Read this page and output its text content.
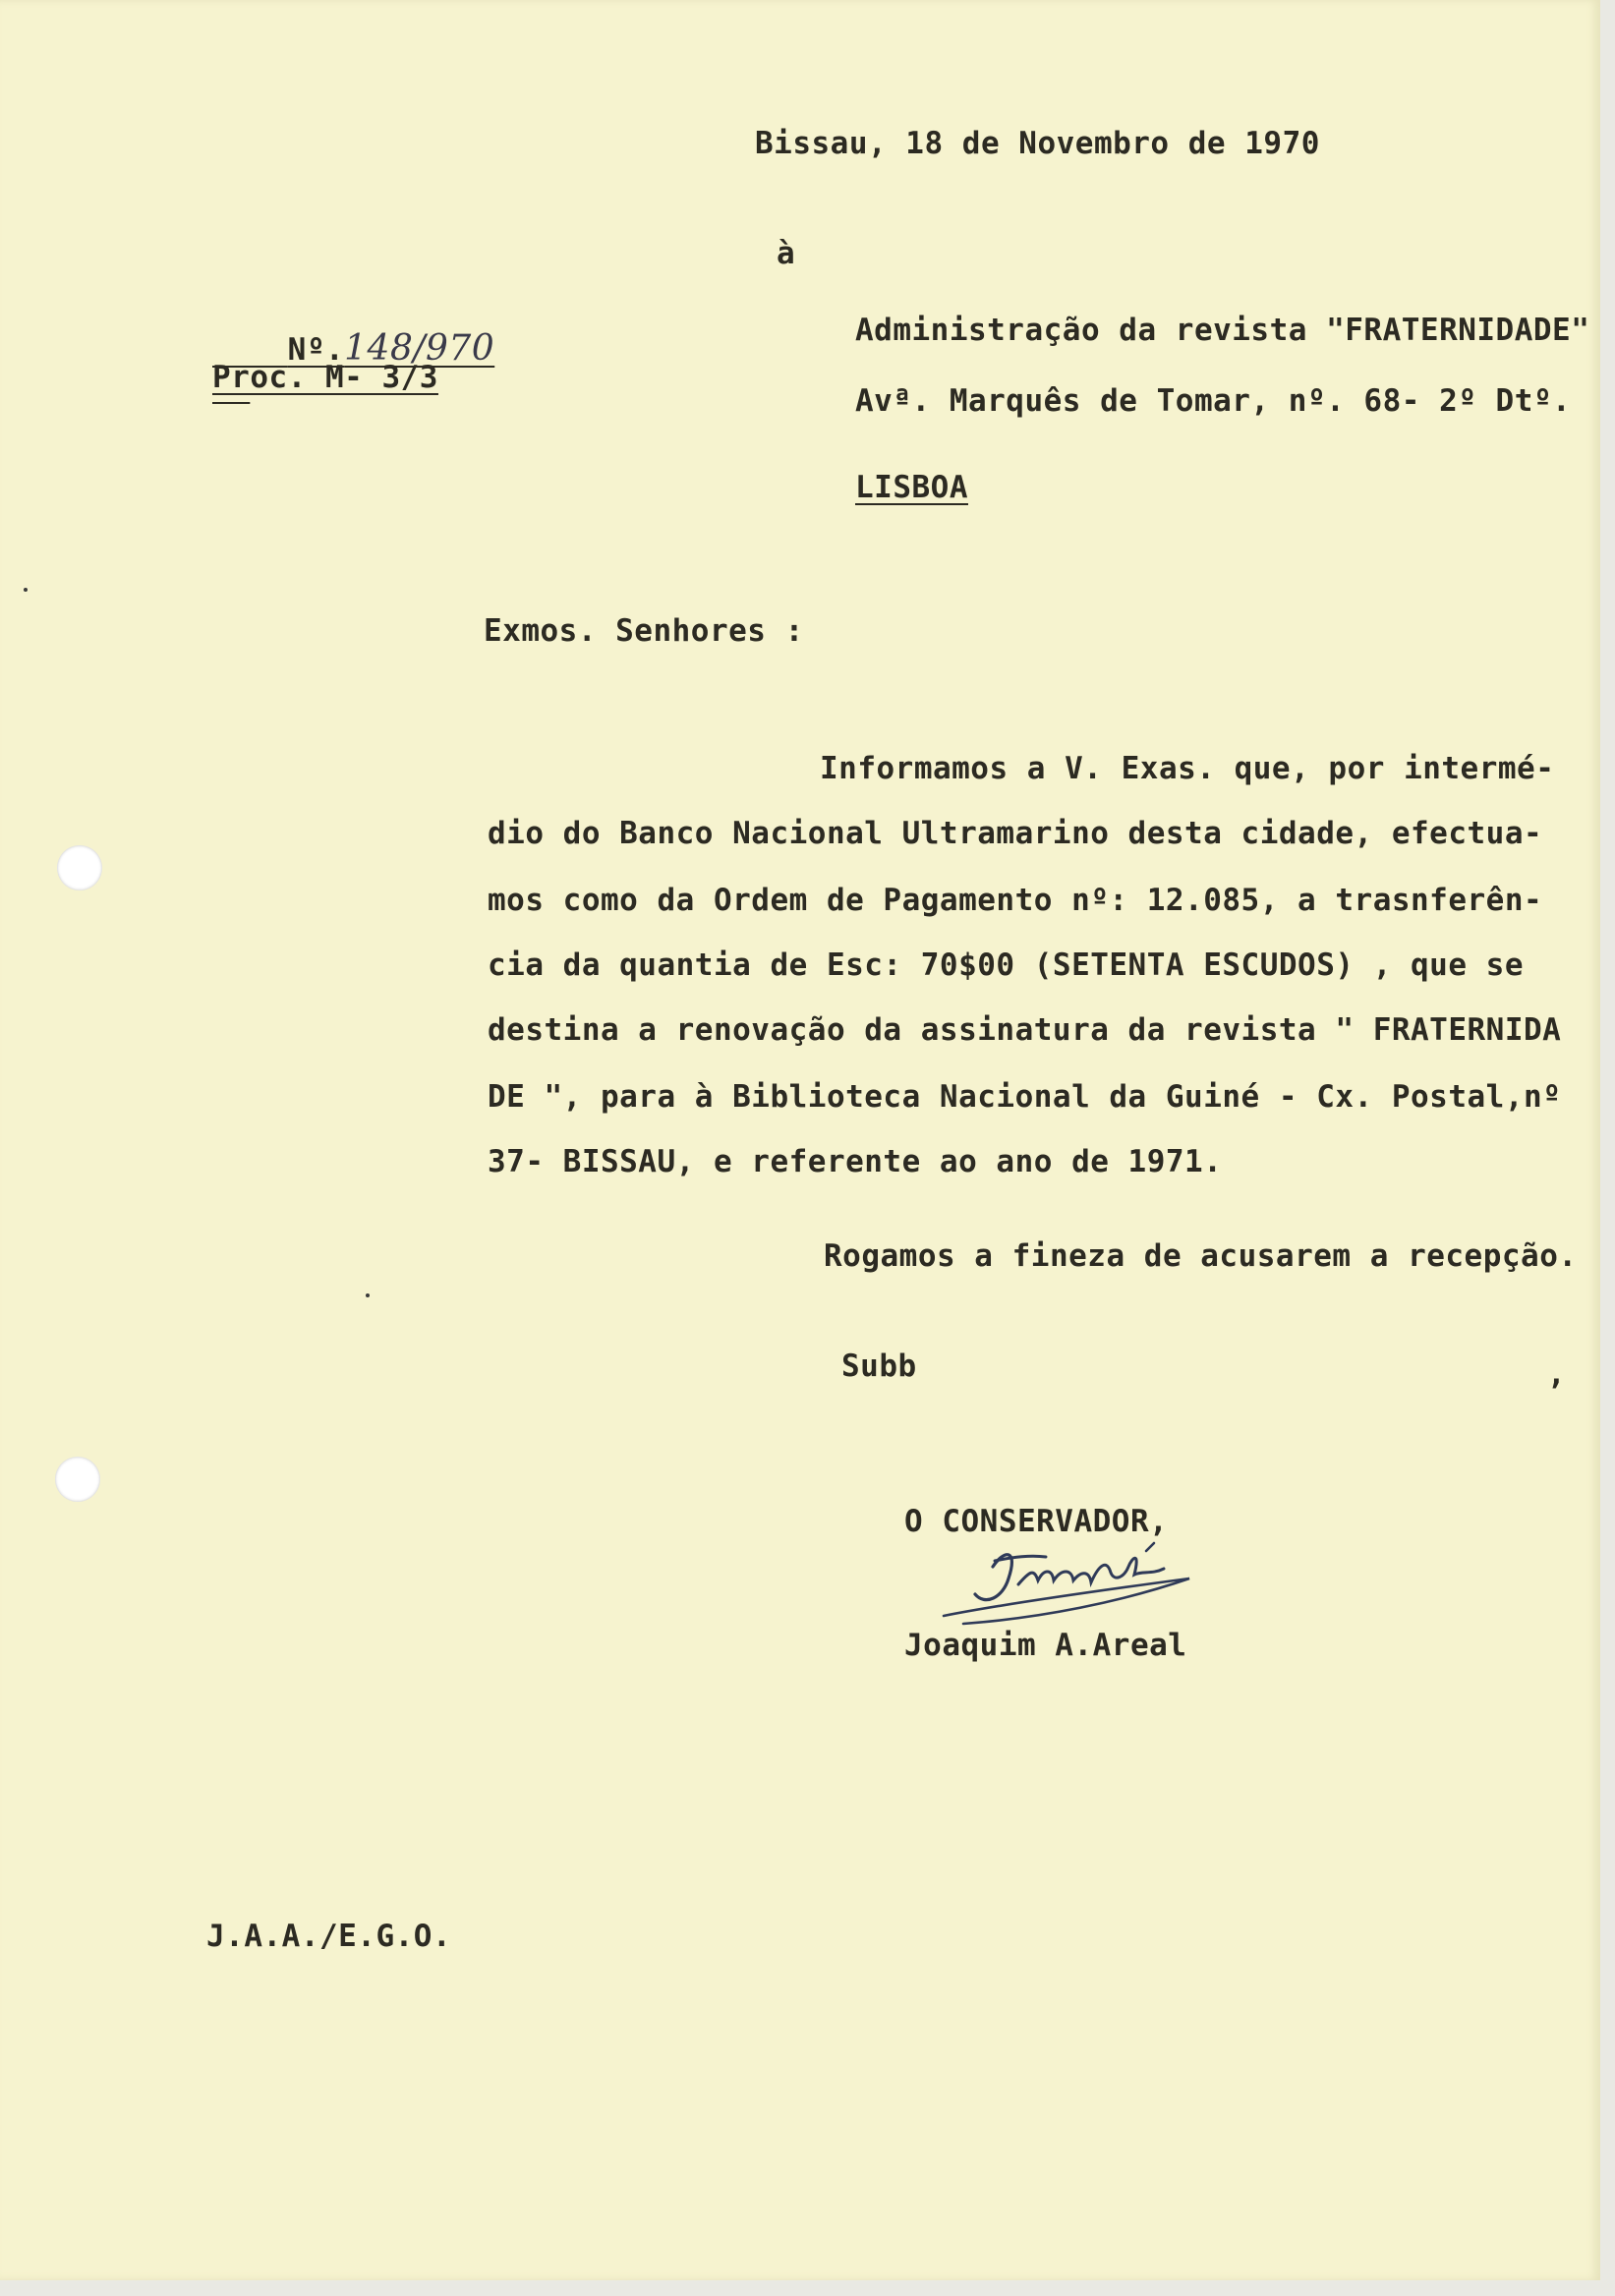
Bissau, 18 de Novembro de 1970
à

Nº.148/970

Proc. M- 3/3
Administração da revista "FRATERNIDADE"
Avª. Marquês de Tomar, nº. 68- 2º Dtº.
LISBOA
Exmos. Senhores :
Informamos a V. Exas. que, por intermé-
dio do Banco Nacional Ultramarino desta cidade, efectua-
mos como da Ordem de Pagamento nº: 12.085, a trasnferên-
cia da quantia de Esc: 70$00 (SETENTA ESCUDOS) , que se
destina a renovação da assinatura da revista " FRATERNIDA
DE ", para à Biblioteca Nacional da Guiné - Cx. Postal,nº
37- BISSAU, e referente ao ano de 1971.
Rogamos a fineza de acusarem a recepção.
Subb	,
O CONSERVADOR,
Joaquim A.Areal
J.A.A./E.G.O.
